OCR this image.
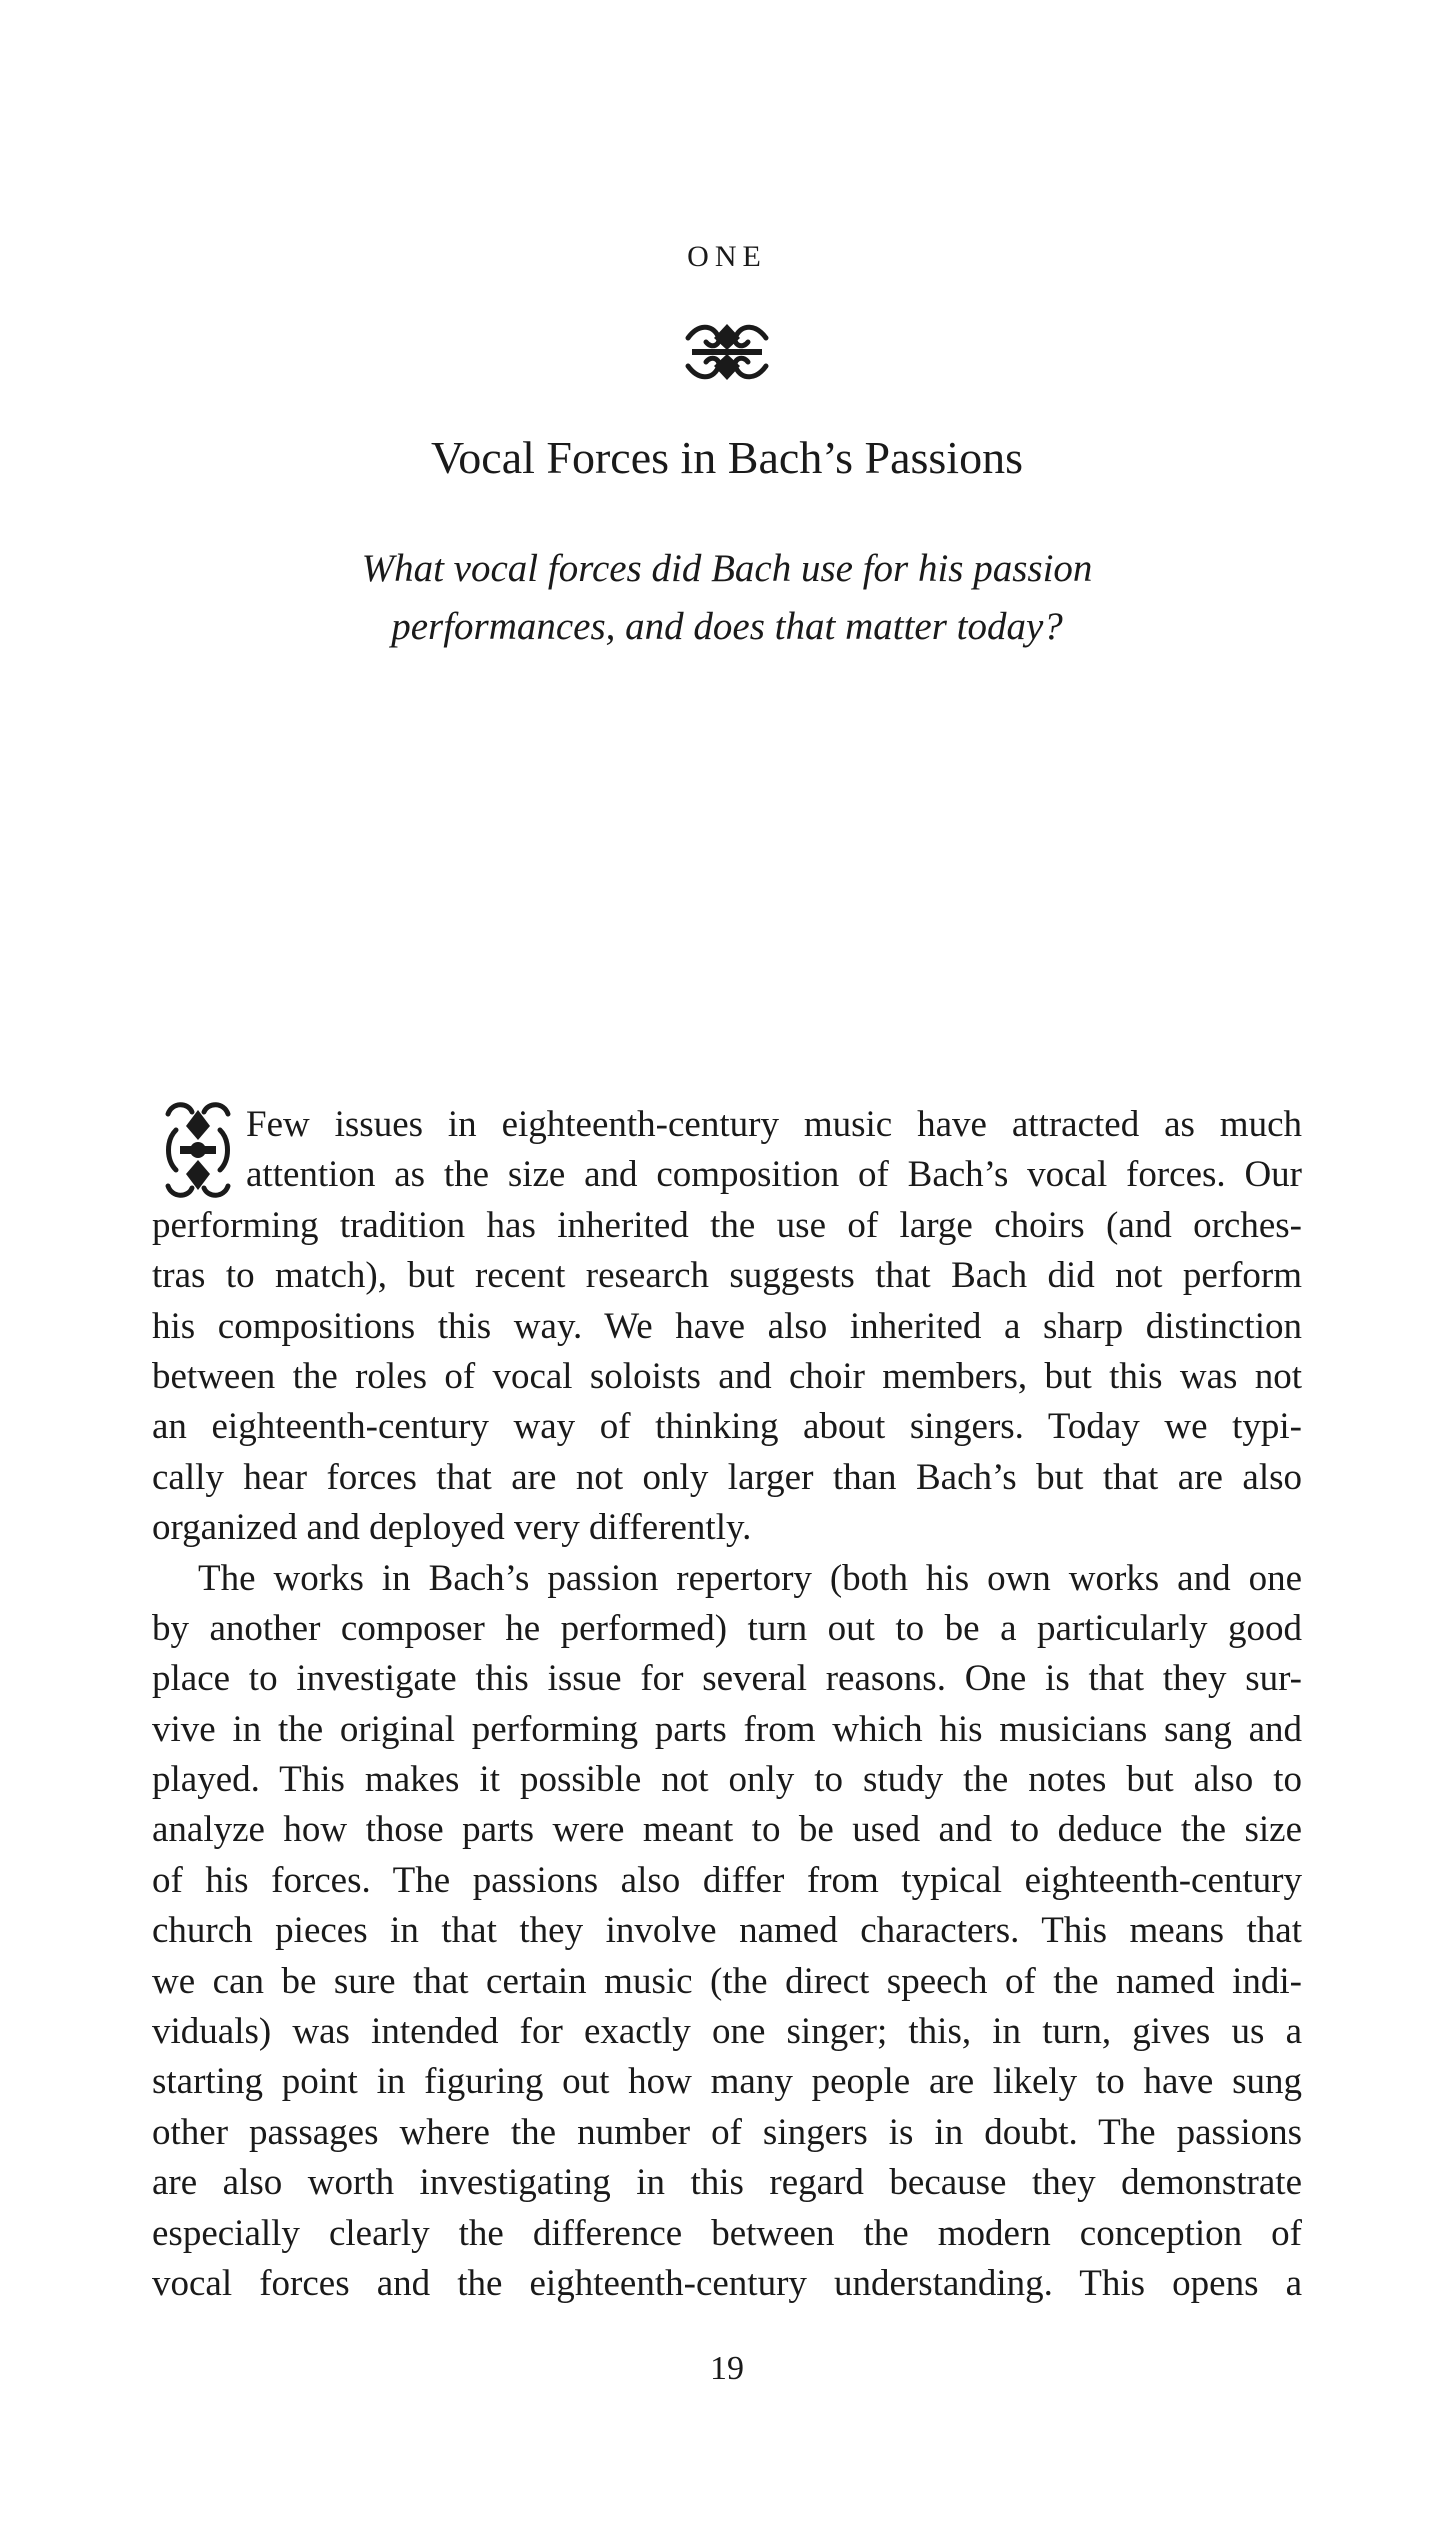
ONE
Vocal Forces in Bach’s Passions
What vocal forces did Bach use for his passion
performances, and does that matter today?
Few issues in eighteenth-century music have attracted as much
attention as the size and composition of Bach’s vocal forces. Our
performing tradition has inherited the use of large choirs (and orches-
tras to match), but recent research suggests that Bach did not perform
his compositions this way. We have also inherited a sharp distinction
between the roles of vocal soloists and choir members, but this was not
an eighteenth-century way of thinking about singers. Today we typi-
cally hear forces that are not only larger than Bach’s but that are also
organized and deployed very differently.
The works in Bach’s passion repertory (both his own works and one
by another composer he performed) turn out to be a particularly good
place to investigate this issue for several reasons. One is that they sur-
vive in the original performing parts from which his musicians sang and
played. This makes it possible not only to study the notes but also to
analyze how those parts were meant to be used and to deduce the size
of his forces. The passions also differ from typical eighteenth-century
church pieces in that they involve named characters. This means that
we can be sure that certain music (the direct speech of the named indi-
viduals) was intended for exactly one singer; this, in turn, gives us a
starting point in figuring out how many people are likely to have sung
other passages where the number of singers is in doubt. The passions
are also worth investigating in this regard because they demonstrate
especially clearly the difference between the modern conception of
vocal forces and the eighteenth-century understanding. This opens a
19
